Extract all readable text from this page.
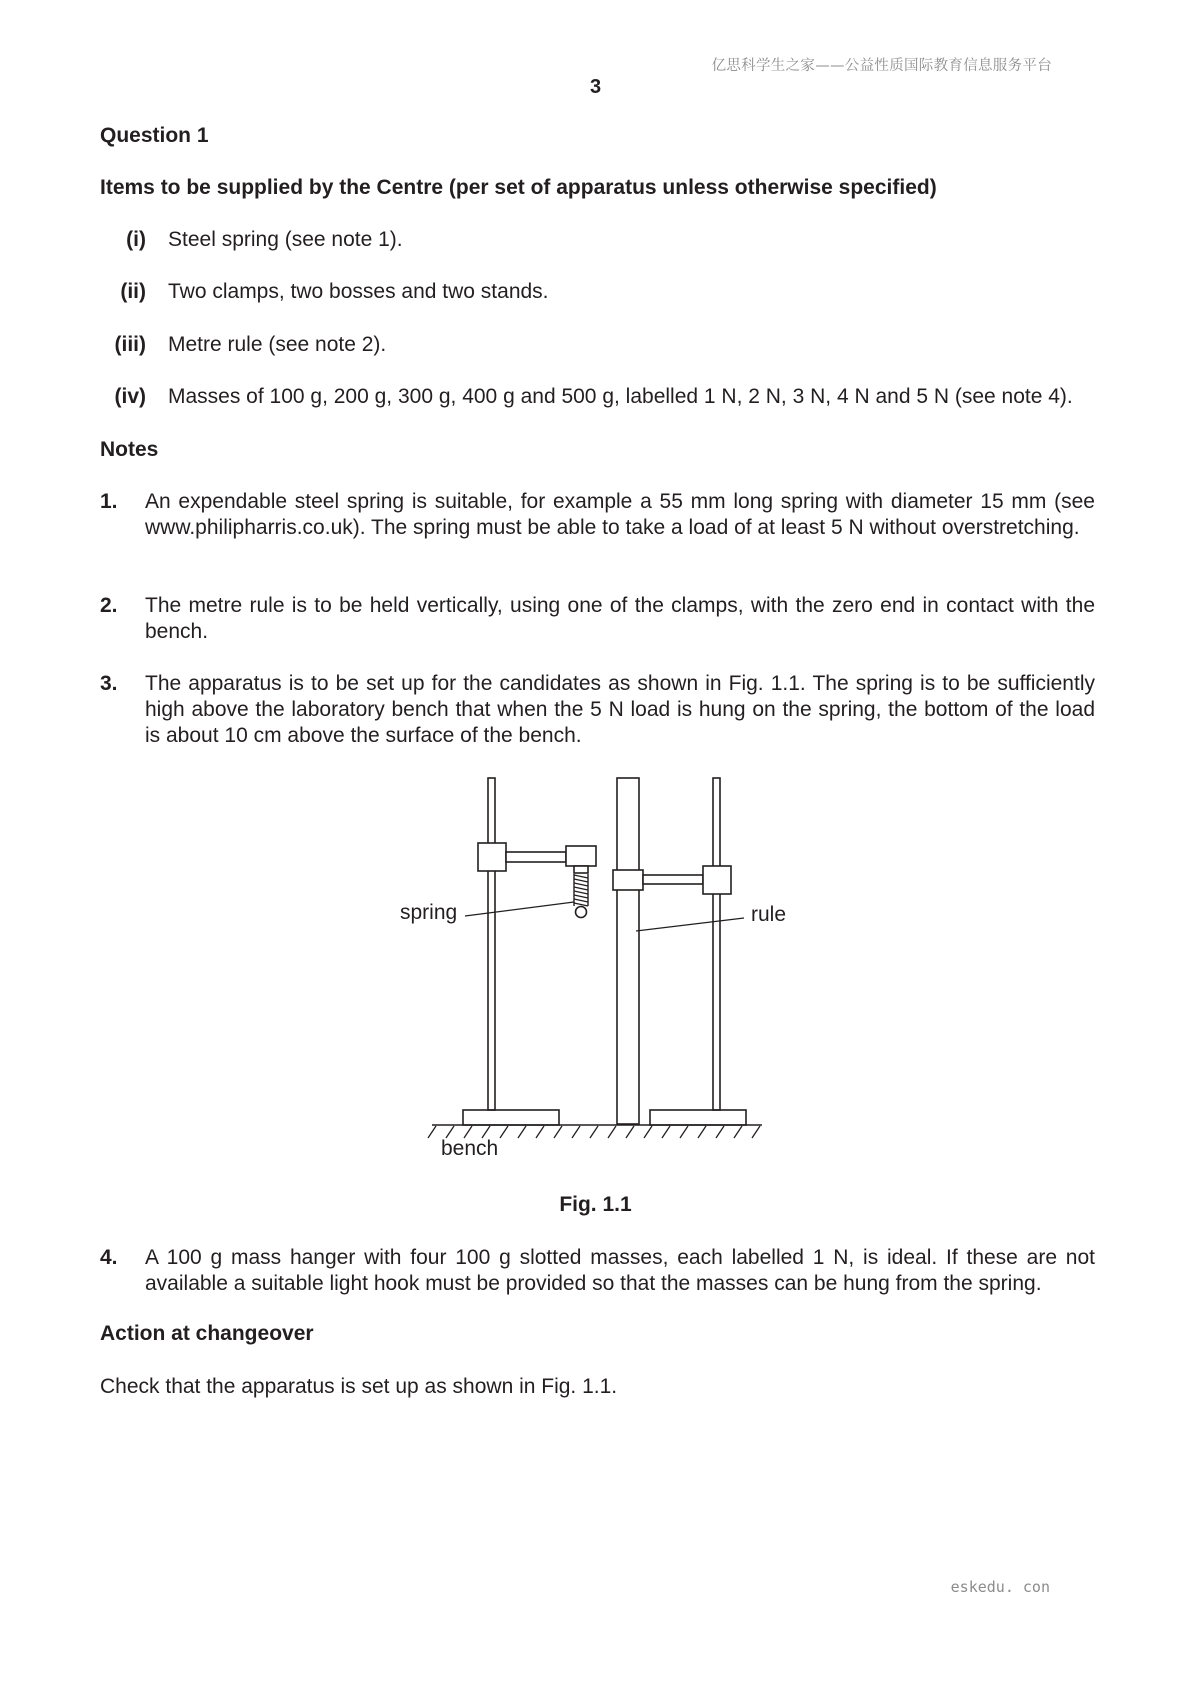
亿思科学生之家——公益性质国际教育信息服务平台
3
Question 1
Items to be supplied by the Centre (per set of apparatus unless otherwise specified)
(i) Steel spring (see note 1).
(ii) Two clamps, two bosses and two stands.
(iii) Metre rule (see note 2).
(iv) Masses of 100 g, 200 g, 300 g, 400 g and 500 g, labelled 1 N, 2 N, 3 N, 4 N and 5 N (see note 4).
Notes
1. An expendable steel spring is suitable, for example a 55 mm long spring with diameter 15 mm (see www.philipharris.co.uk). The spring must be able to take a load of at least 5 N without overstretching.
2. The metre rule is to be held vertically, using one of the clamps, with the zero end in contact with the bench.
3. The apparatus is to be set up for the candidates as shown in Fig. 1.1. The spring is to be sufficiently high above the laboratory bench that when the 5 N load is hung on the spring, the bottom of the load is about 10 cm above the surface of the bench.
spring	rule
bench
Fig. 1.1
4. A 100 g mass hanger with four 100 g slotted masses, each labelled 1 N, is ideal. If these are not available a suitable light hook must be provided so that the masses can be hung from the spring.
Action at changeover
Check that the apparatus is set up as shown in Fig. 1.1.
eskedu. con
